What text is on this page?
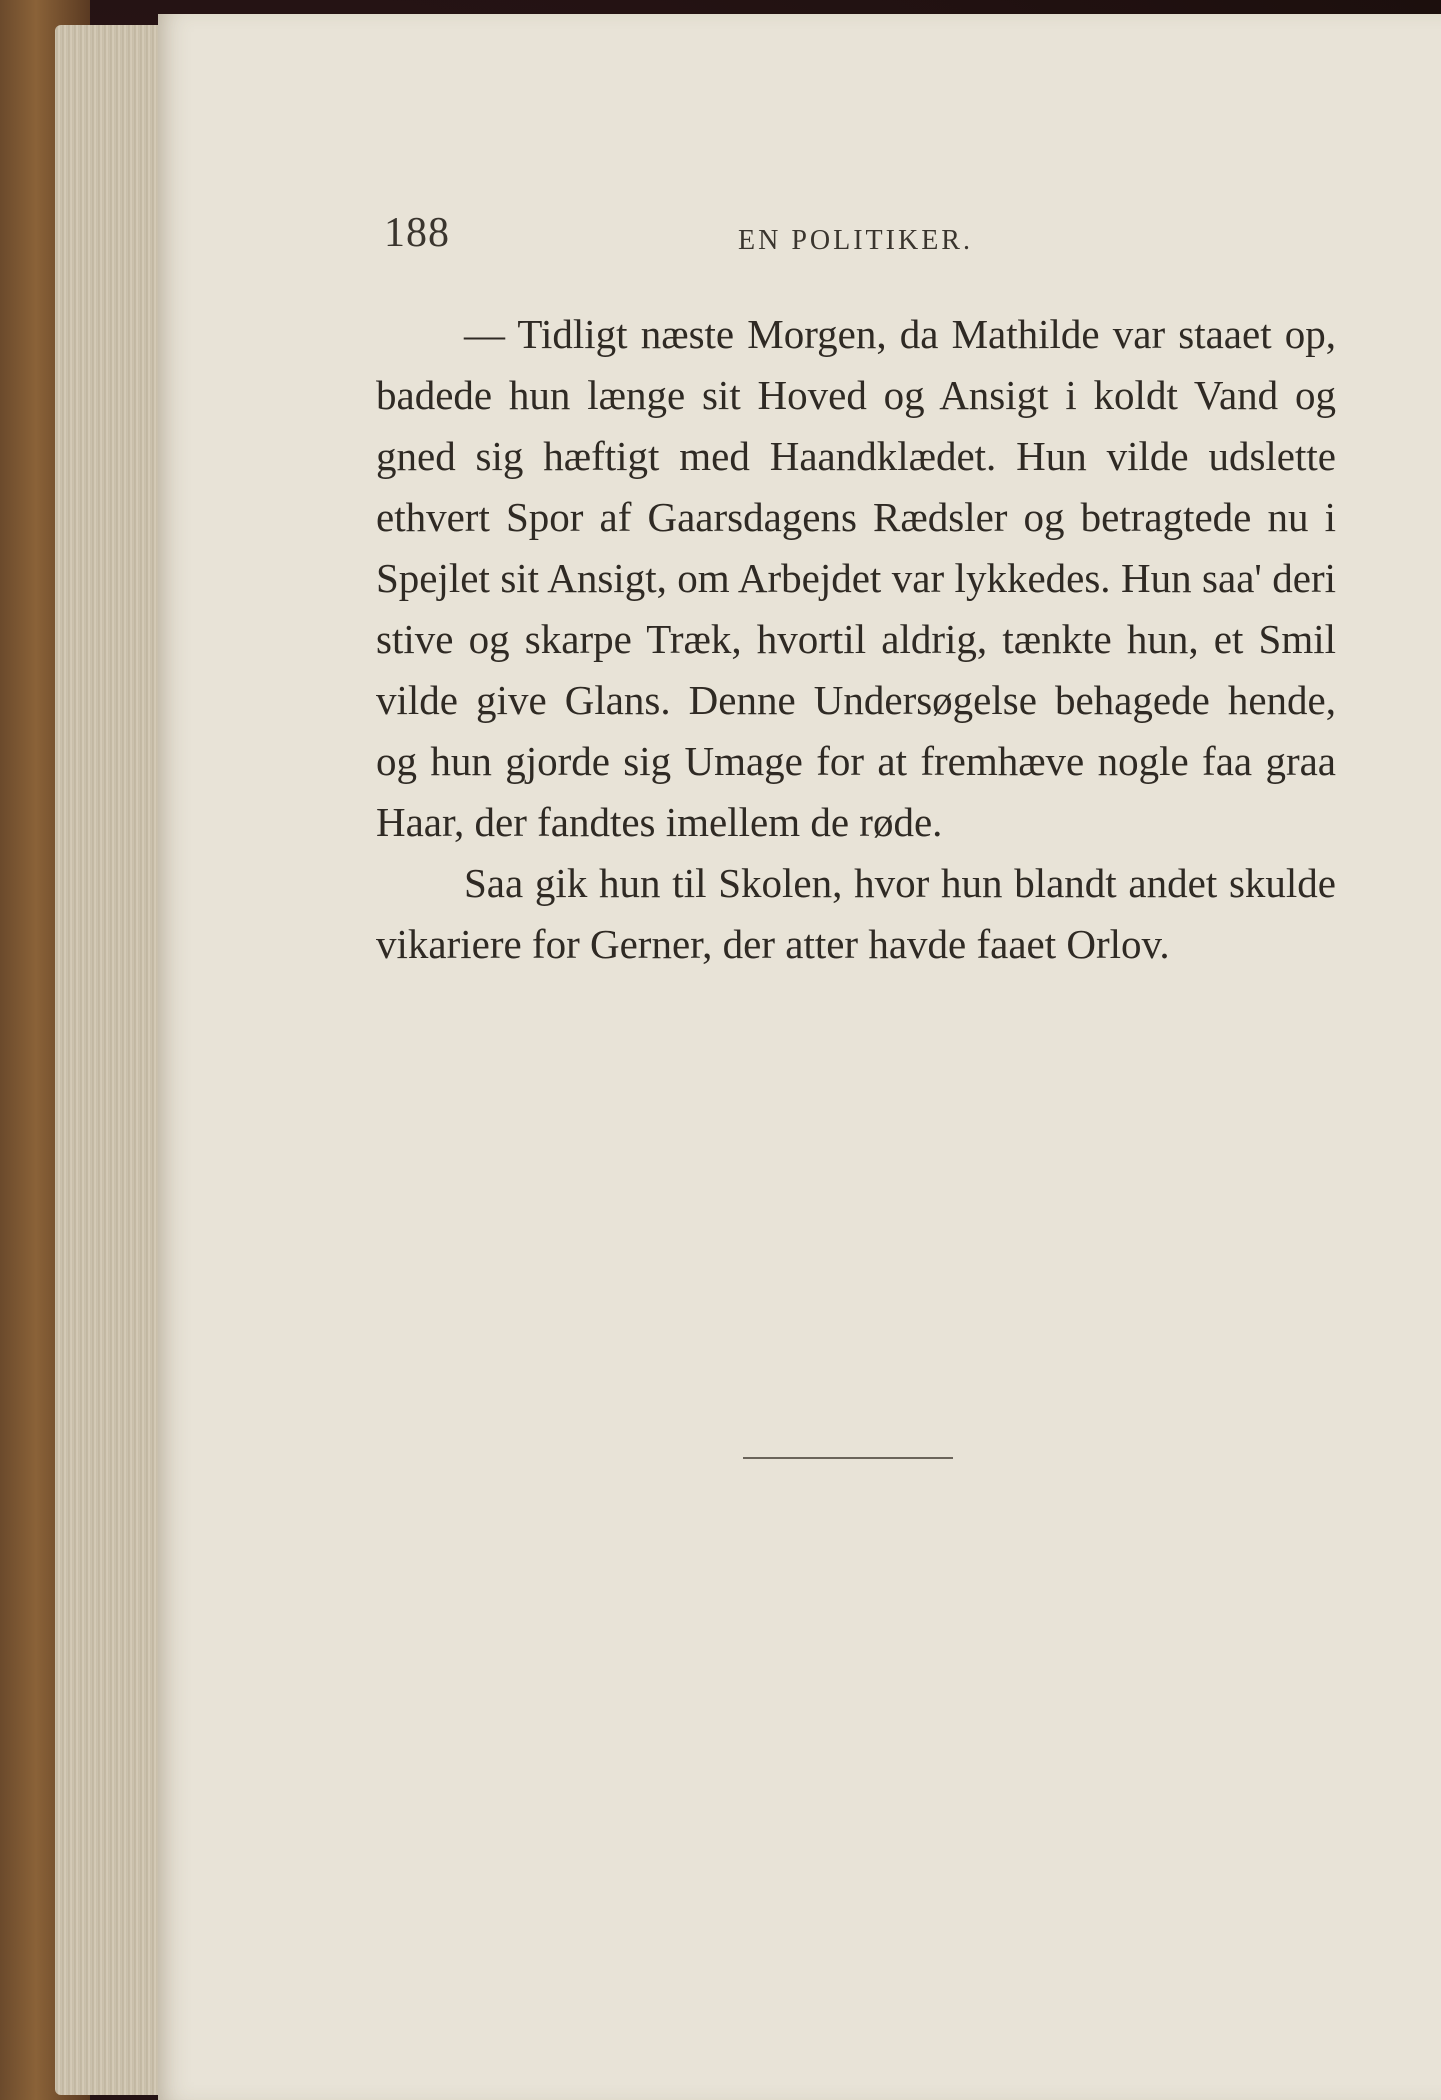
188	EN POLITIKER.

— Tidligt næste Morgen, da Mathilde var staaet op, badede hun længe sit Hoved og Ansigt i koldt Vand og gned sig hæftigt med Haandklædet. Hun vilde udslette ethvert Spor af Gaarsdagens Rædsler og betragtede nu i Spejlet sit Ansigt, om Arbejdet var lykkedes. Hun saa' deri stive og skarpe Træk, hvortil aldrig, tænkte hun, et Smil vilde give Glans. Denne Undersøgelse behagede hende, og hun gjorde sig Umage for at fremhæve nogle faa graa Haar, der fandtes imellem de røde.

Saa gik hun til Skolen, hvor hun blandt andet skulde vikariere for Gerner, der atter havde faaet Orlov.
